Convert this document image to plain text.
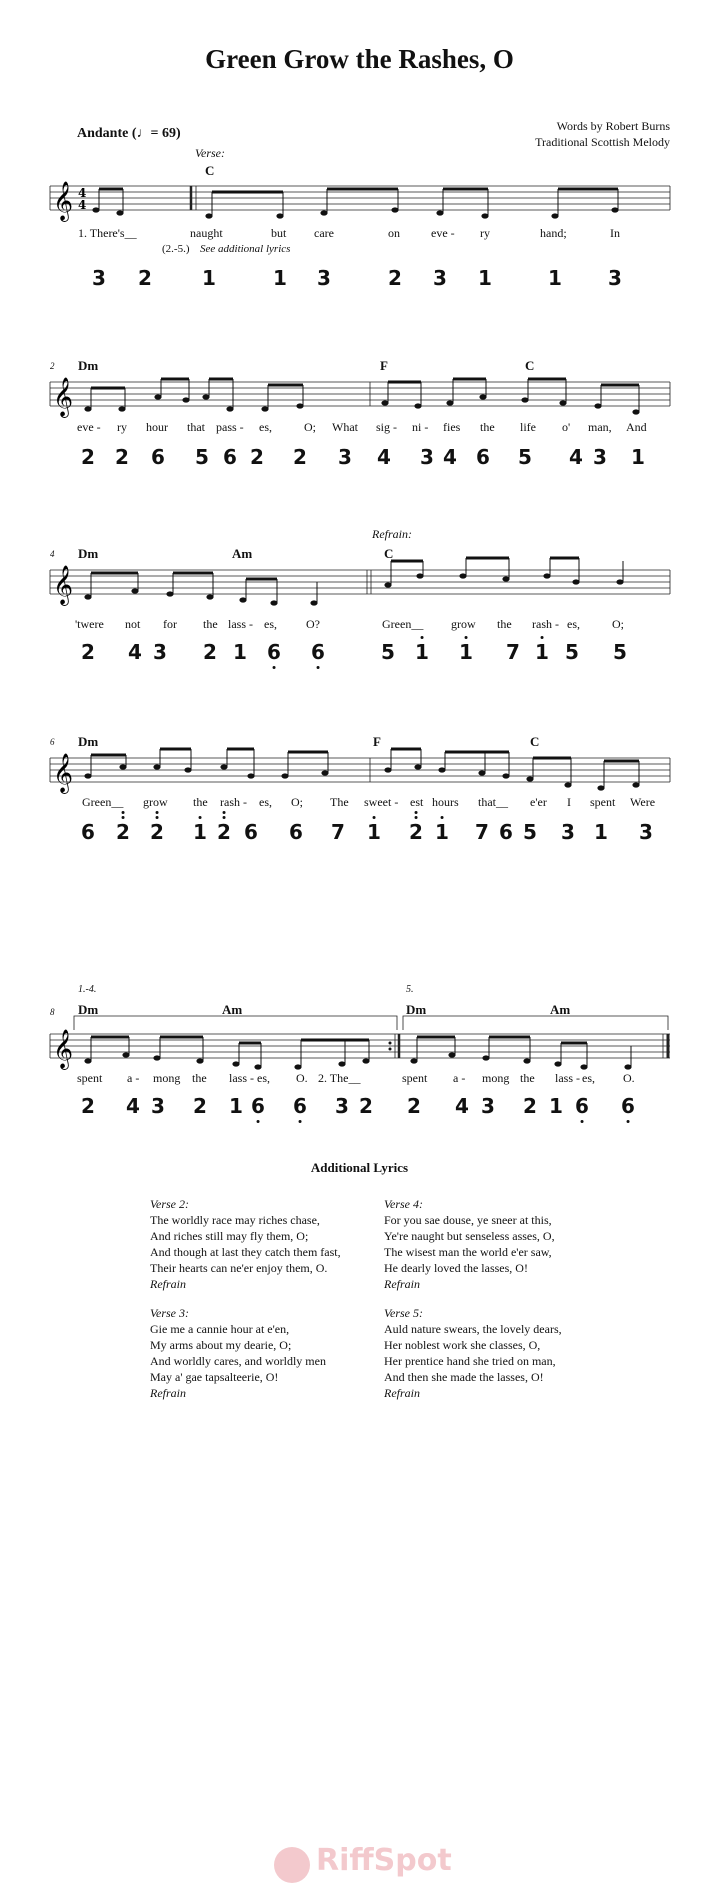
Green Grow the Rashes, O
Andante (♩= 69)	Words by Robert Burns
Traditional Scottish Melody
Verse:
Refrain:
𝄞 4
4
𝄞
𝄞
𝄞
𝄞
1.-4.	5.
C
1. There's__	naught	but care	on	eve - ry	hand;	In
(2.-5.) See additional lyrics
3 2	1	1 3	2 3 1	1 3
2 Dm	F	C
eve - ry hour that pass - es,	O; What sig - ni - fies the life o' man, And
2 2 6 5 6 2 2 3 4 3 4 6 5 4 3 1
4 Dm	Am	C
'twere not for the lass - es, O?	Green__ grow the rash - es,	O;
2 4 3 2 1 6 6	5 1 1 7 1 5 5
6 Dm	F	C
Green__ grow the rash - es, O; The sweet - est hours that__ e'er I spent Were
6 2 2 1 2 6 6 7 1 2 1 7 6 5 3 1 3
8 Dm	Am	Dm	Am
spent a - mong the lass - es, O. 2. The__	spent a - mong the lass - es, O.
2 4 3 2 1 6 6 3 2 2 4 3 2 1 6 6
Additional Lyrics
Verse 2:
The worldly race may riches chase,
And riches still may fly them, O;
And though at last they catch them fast,
Their hearts can ne'er enjoy them, O.
Refrain
Verse 4:
For you sae douse, ye sneer at this,
Ye're naught but senseless asses, O,
The wisest man the world e'er saw,
He dearly loved the lasses, O!
Refrain
Verse 3:
Gie me a cannie hour at e'en,
My arms about my dearie, O;
And worldly cares, and worldly men
May a' gae tapsalteerie, O!
Refrain
Verse 5:
Auld nature swears, the lovely dears,
Her noblest work she classes, O,
Her prentice hand she tried on man,
And then she made the lasses, O!
Refrain
RiffSpot
